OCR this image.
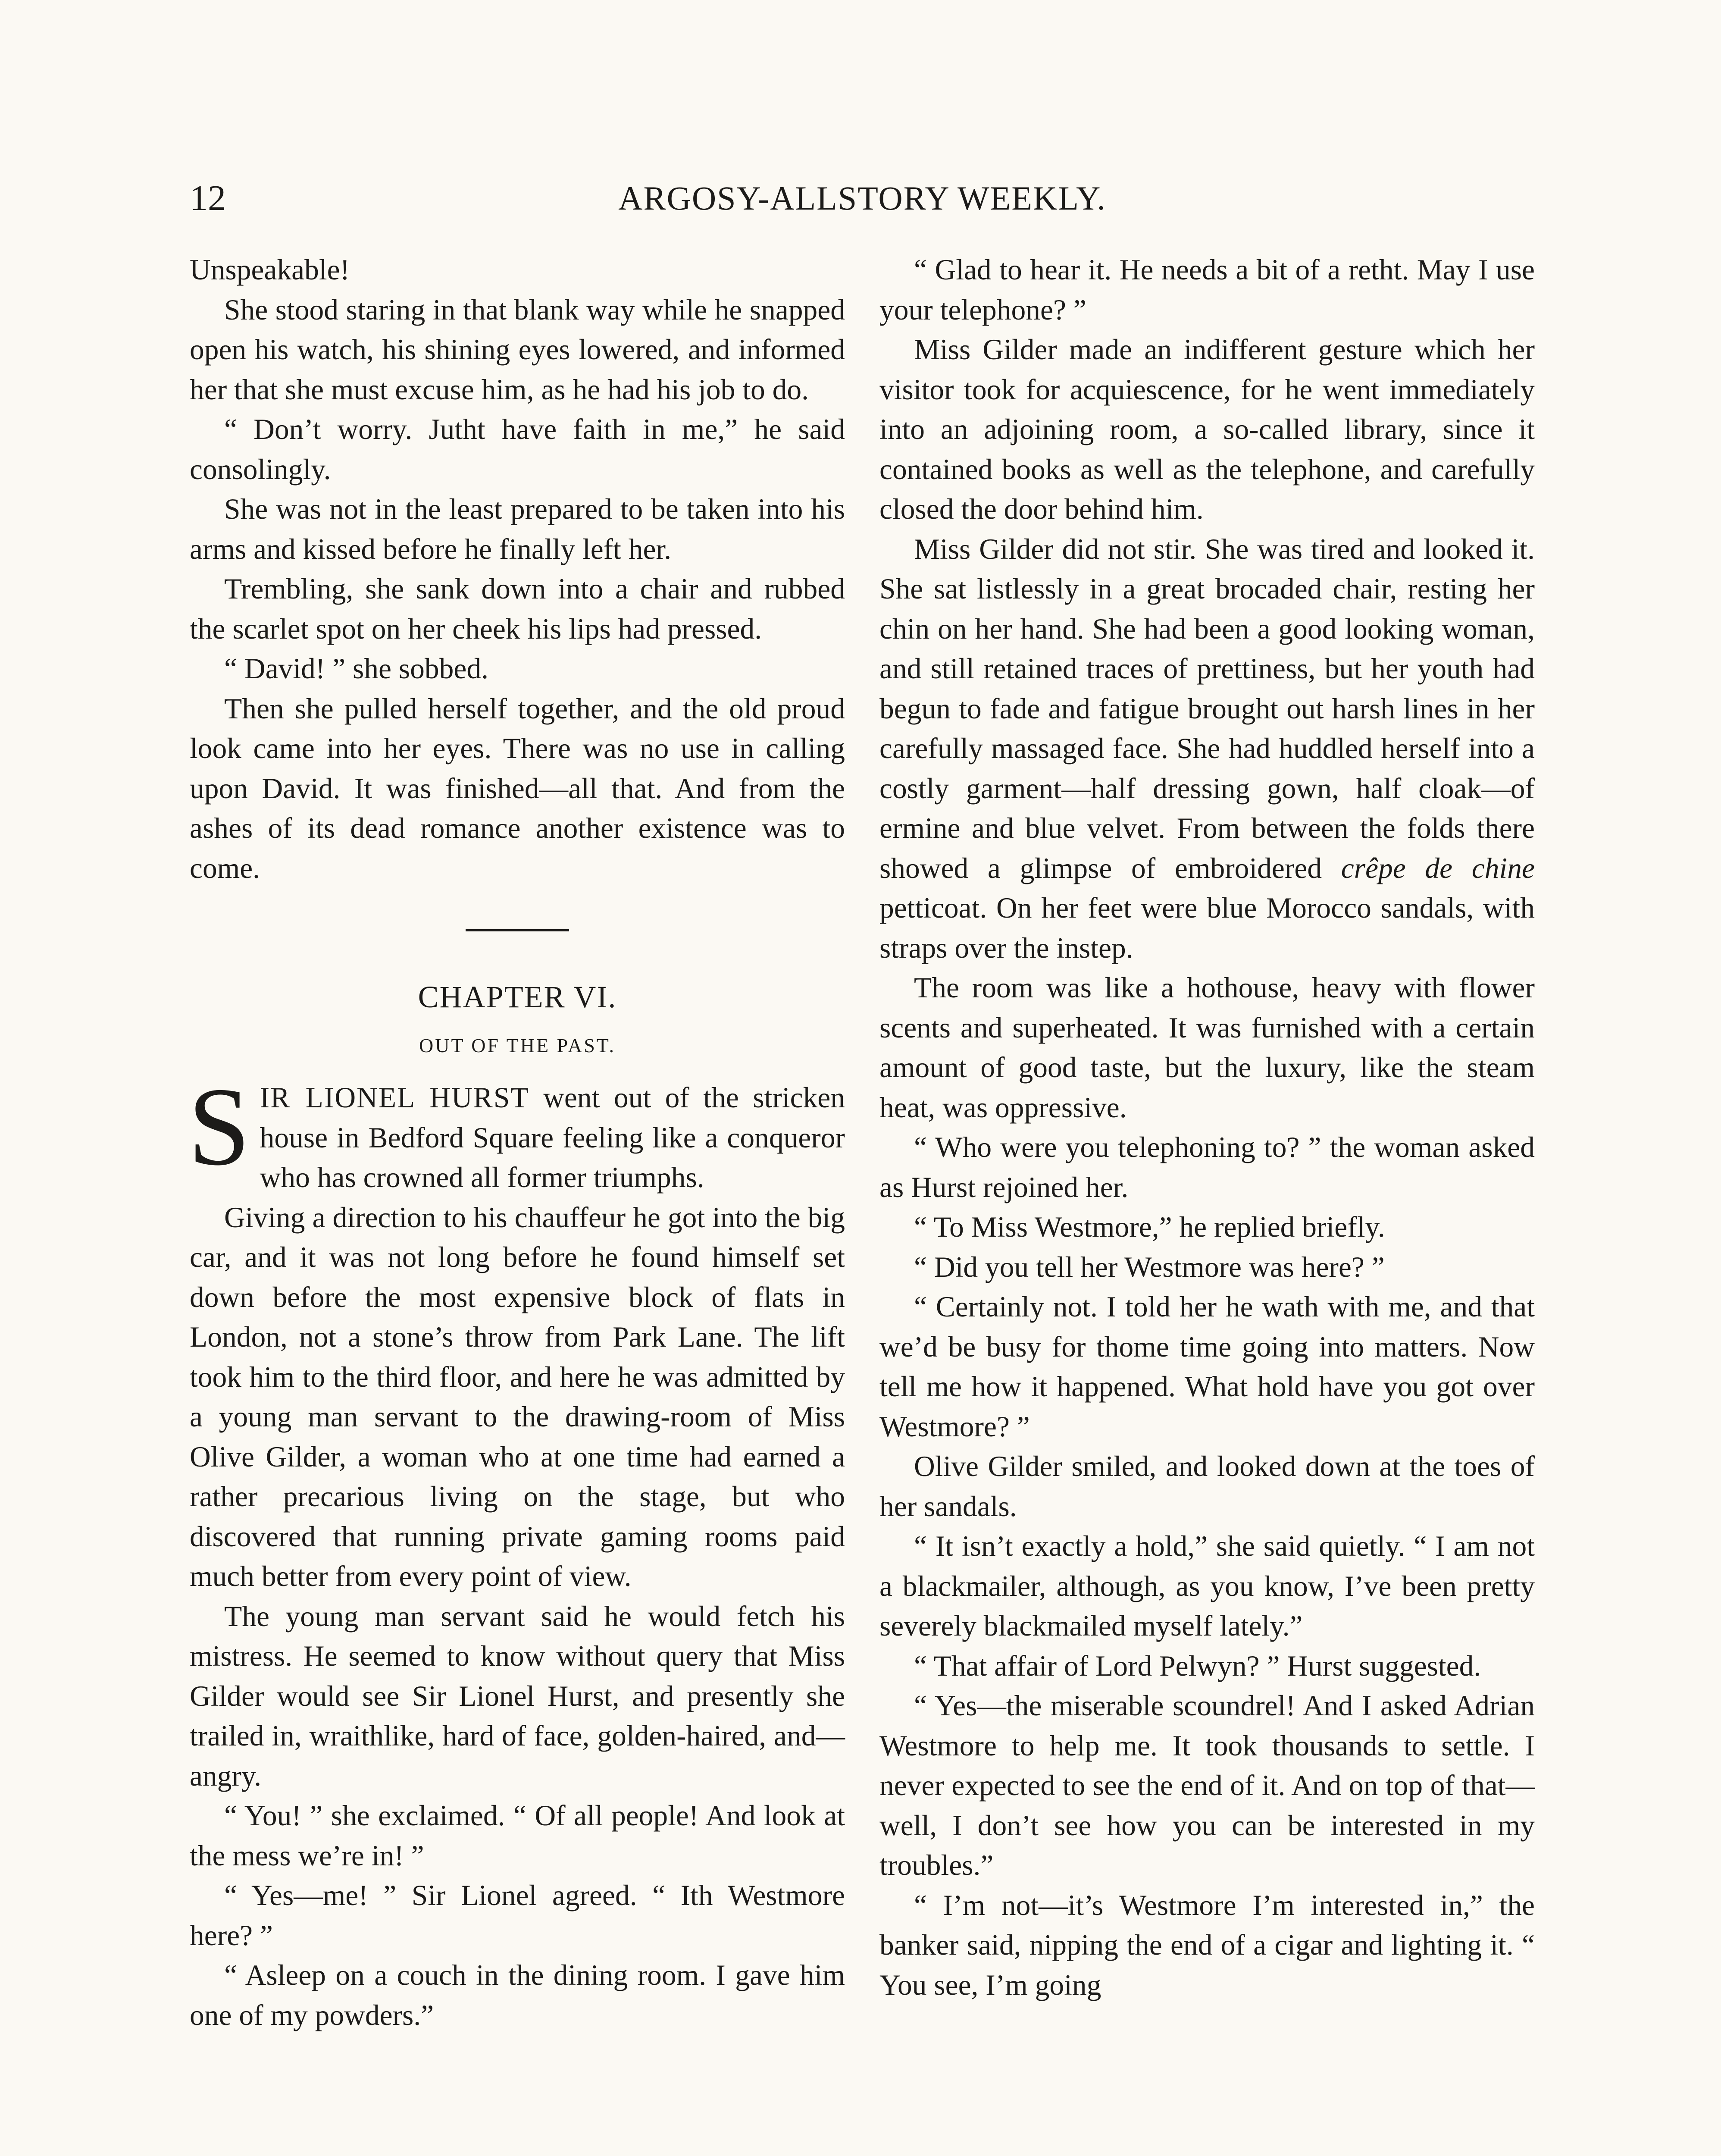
12	ARGOSY-ALLSTORY WEEKLY.

Unspeakable!

She stood staring in that blank way while he snapped open his watch, his shining eyes lowered, and informed her that she must excuse him, as he had his job to do.

“ Don’t worry. Jutht have faith in me,” he said consolingly.

She was not in the least prepared to be taken into his arms and kissed before he finally left her.

Trembling, she sank down into a chair and rubbed the scarlet spot on her cheek his lips had pressed.

“ David! ” she sobbed.

Then she pulled herself together, and the old proud look came into her eyes. There was no use in calling upon David. It was finished—all that. And from the ashes of its dead romance another existence was to come.

CHAPTER VI.
OUT OF THE PAST.

SIR LIONEL HURST went out of the stricken house in Bedford Square feeling like a conqueror who has crowned all former triumphs.

Giving a direction to his chauffeur he got into the big car, and it was not long before he found himself set down before the most expensive block of flats in London, not a stone’s throw from Park Lane. The lift took him to the third floor, and here he was admitted by a young man servant to the drawing-room of Miss Olive Gilder, a woman who at one time had earned a rather precarious living on the stage, but who discovered that running private gaming rooms paid much better from every point of view.

The young man servant said he would fetch his mistress. He seemed to know without query that Miss Gilder would see Sir Lionel Hurst, and presently she trailed in, wraithlike, hard of face, golden-haired, and—angry.

“ You! ” she exclaimed. “ Of all people! And look at the mess we’re in! ”

“ Yes—me! ” Sir Lionel agreed. “ Ith Westmore here? ”

“ Asleep on a couch in the dining room. I gave him one of my powders.”

“ Glad to hear it. He needs a bit of a retht. May I use your telephone? ”

Miss Gilder made an indifferent gesture which her visitor took for acquiescence, for he went immediately into an adjoining room, a so-called library, since it contained books as well as the telephone, and carefully closed the door behind him.

Miss Gilder did not stir. She was tired and looked it. She sat listlessly in a great brocaded chair, resting her chin on her hand. She had been a good looking woman, and still retained traces of prettiness, but her youth had begun to fade and fatigue brought out harsh lines in her carefully massaged face. She had huddled herself into a costly garment—half dressing gown, half cloak—of ermine and blue velvet. From between the folds there showed a glimpse of embroidered crêpe de chine petticoat. On her feet were blue Morocco sandals, with straps over the instep.

The room was like a hothouse, heavy with flower scents and superheated. It was furnished with a certain amount of good taste, but the luxury, like the steam heat, was oppressive.

“ Who were you telephoning to? ” the woman asked as Hurst rejoined her.

“ To Miss Westmore,” he replied briefly.

“ Did you tell her Westmore was here? ”

“ Certainly not. I told her he wath with me, and that we’d be busy for thome time going into matters. Now tell me how it happened. What hold have you got over Westmore? ”

Olive Gilder smiled, and looked down at the toes of her sandals.

“ It isn’t exactly a hold,” she said quietly. “ I am not a blackmailer, although, as you know, I’ve been pretty severely blackmailed myself lately.”

“ That affair of Lord Pelwyn? ” Hurst suggested.

“ Yes—the miserable scoundrel! And I asked Adrian Westmore to help me. It took thousands to settle. I never expected to see the end of it. And on top of that—well, I don’t see how you can be interested in my troubles.”

“ I’m not—it’s Westmore I’m interested in,” the banker said, nipping the end of a cigar and lighting it. “ You see, I’m going
